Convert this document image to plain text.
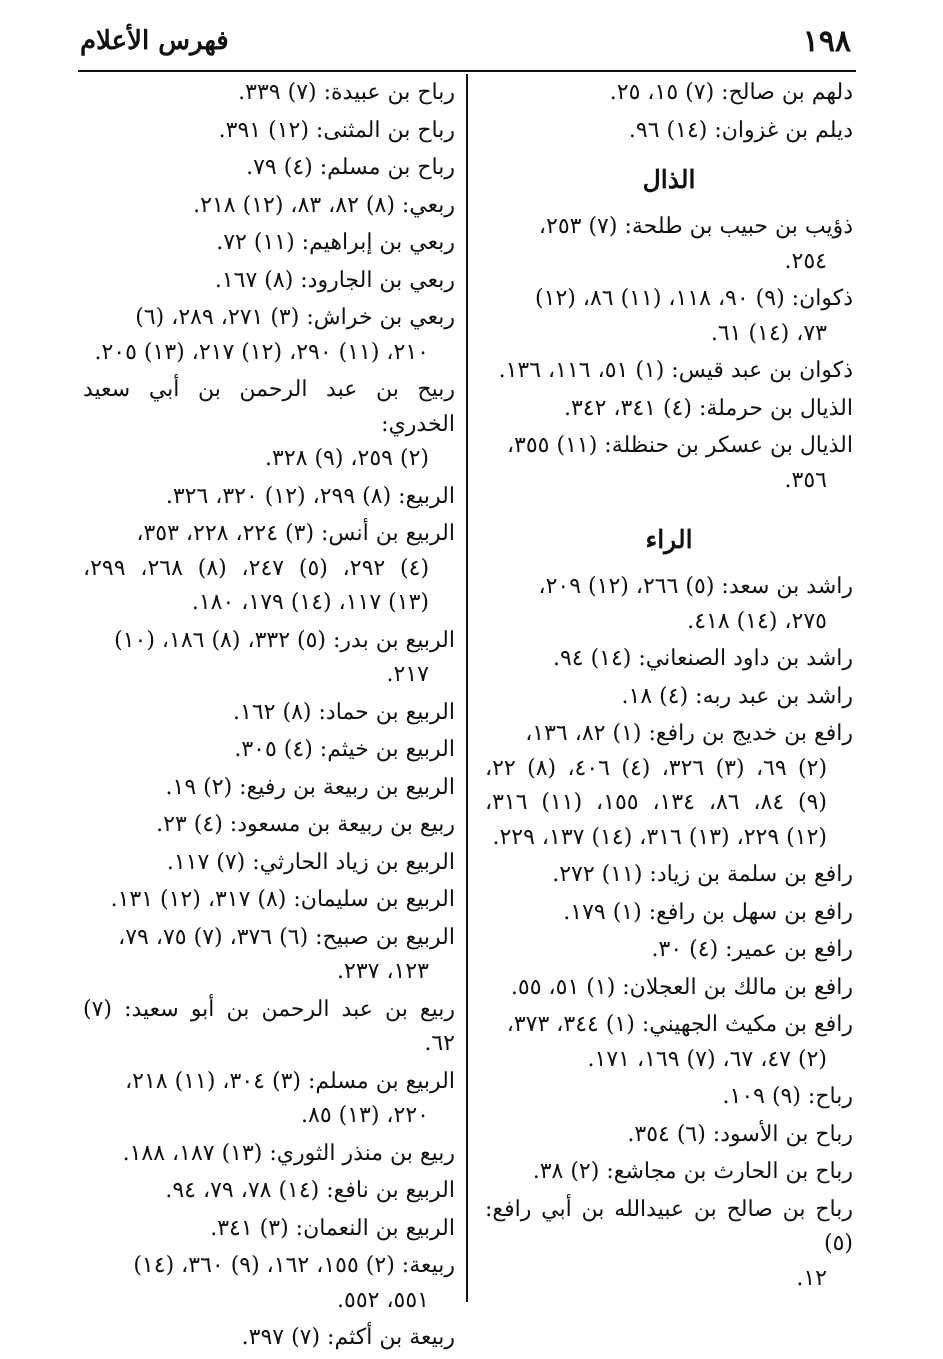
١٩٨
فهرس الأعلام
دلهم بن صالح: (٧) ١٥، ٢٥.
ديلم بن غزوان: (١٤) ٩٦.
الذال
ذؤيب بن حبيب بن طلحة: (٧) ٢٥٣،
٢٥٤.
ذكوان: (٩) ٩٠، ١١٨، (١١) ٨٦، (١٢)
٧٣، (١٤) ٦١.
ذكوان بن عبد قيس: (١) ٥١، ١١٦، ١٣٦.
الذيال بن حرملة: (٤) ٣٤١، ٣٤٢.
الذيال بن عسكر بن حنظلة: (١١) ٣٥٥،
٣٥٦.
الراء
راشد بن سعد: (٥) ٢٦٦، (١٢) ٢٠٩،
٢٧٥، (١٤) ٤١٨.
راشد بن داود الصنعاني: (١٤) ٩٤.
راشد بن عبد ربه: (٤) ١٨.
رافع بن خديج بن رافع: (١) ٨٢، ١٣٦،
(٢) ٦٩، (٣) ٣٢٦، (٤) ٤٠٦، (٨) ٢٢، (٩) ٨٤، ٨٦، ١٣٤، ١٥٥، (١١) ٣١٦، (١٢) ٢٢٩، (١٣) ٣١٦، (١٤) ١٣٧، ٢٢٩.
رافع بن سلمة بن زياد: (١١) ٢٧٢.
رافع بن سهل بن رافع: (١) ١٧٩.
رافع بن عمير: (٤) ٣٠.
رافع بن مالك بن العجلان: (١) ٥١، ٥٥.
رافع بن مكيث الجهيني: (١) ٣٤٤، ٣٧٣،
(٢) ٤٧، ٦٧، (٧) ١٦٩، ١٧١.
رباح: (٩) ١٠٩.
رباح بن الأسود: (٦) ٣٥٤.
رباح بن الحارث بن مجاشع: (٢) ٣٨.
رباح بن صالح بن عبيدالله بن أبي رافع: (٥)
١٢.
رباح بن عبيدة: (٧) ٣٣٩.
رباح بن المثنى: (١٢) ٣٩١.
رباح بن مسلم: (٤) ٧٩.
ربعي: (٨) ٨٢، ٨٣، (١٢) ٢١٨.
ربعي بن إبراهيم: (١١) ٧٢.
ربعي بن الجارود: (٨) ١٦٧.
ربعي بن خراش: (٣) ٢٧١، ٢٨٩، (٦)
٢١٠، (١١) ٢٩٠، (١٢) ٢١٧، (١٣) ٢٠٥.
ربيح بن عبد الرحمن بن أبي سعيد الخدري:
(٢) ٢٥٩، (٩) ٣٢٨.
الربيع: (٨) ٢٩٩، (١٢) ٣٢٠، ٣٢٦.
الربيع بن أنس: (٣) ٢٢٤، ٢٢٨، ٣٥٣،
(٤) ٢٩٢، (٥) ٢٤٧، (٨) ٢٦٨، ٢٩٩، (١٣) ١١٧، (١٤) ١٧٩، ١٨٠.
الربيع بن بدر: (٥) ٣٣٢، (٨) ١٨٦، (١٠)
٢١٧.
الربيع بن حماد: (٨) ١٦٢.
الربيع بن خيثم: (٤) ٣٠٥.
الربيع بن ربيعة بن رفيع: (٢) ١٩.
ربيع بن ربيعة بن مسعود: (٤) ٢٣.
الربيع بن زياد الحارثي: (٧) ١١٧.
الربيع بن سليمان: (٨) ٣١٧، (١٢) ١٣١.
الربيع بن صبيح: (٦) ٣٧٦، (٧) ٧٥، ٧٩،
١٢٣، ٢٣٧.
ربيع بن عبد الرحمن بن أبو سعيد: (٧) ٦٢.
الربيع بن مسلم: (٣) ٣٠٤، (١١) ٢١٨،
٢٢٠، (١٣) ٨٥.
ربيع بن منذر الثوري: (١٣) ١٨٧، ١٨٨.
الربيع بن نافع: (١٤) ٧٨، ٧٩، ٩٤.
الربيع بن النعمان: (٣) ٣٤١.
ربيعة: (٢) ١٥٥، ١٦٢، (٩) ٣٦٠، (١٤)
٥٥١، ٥٥٢.
ربيعة بن أكثم: (٧) ٣٩٧.
